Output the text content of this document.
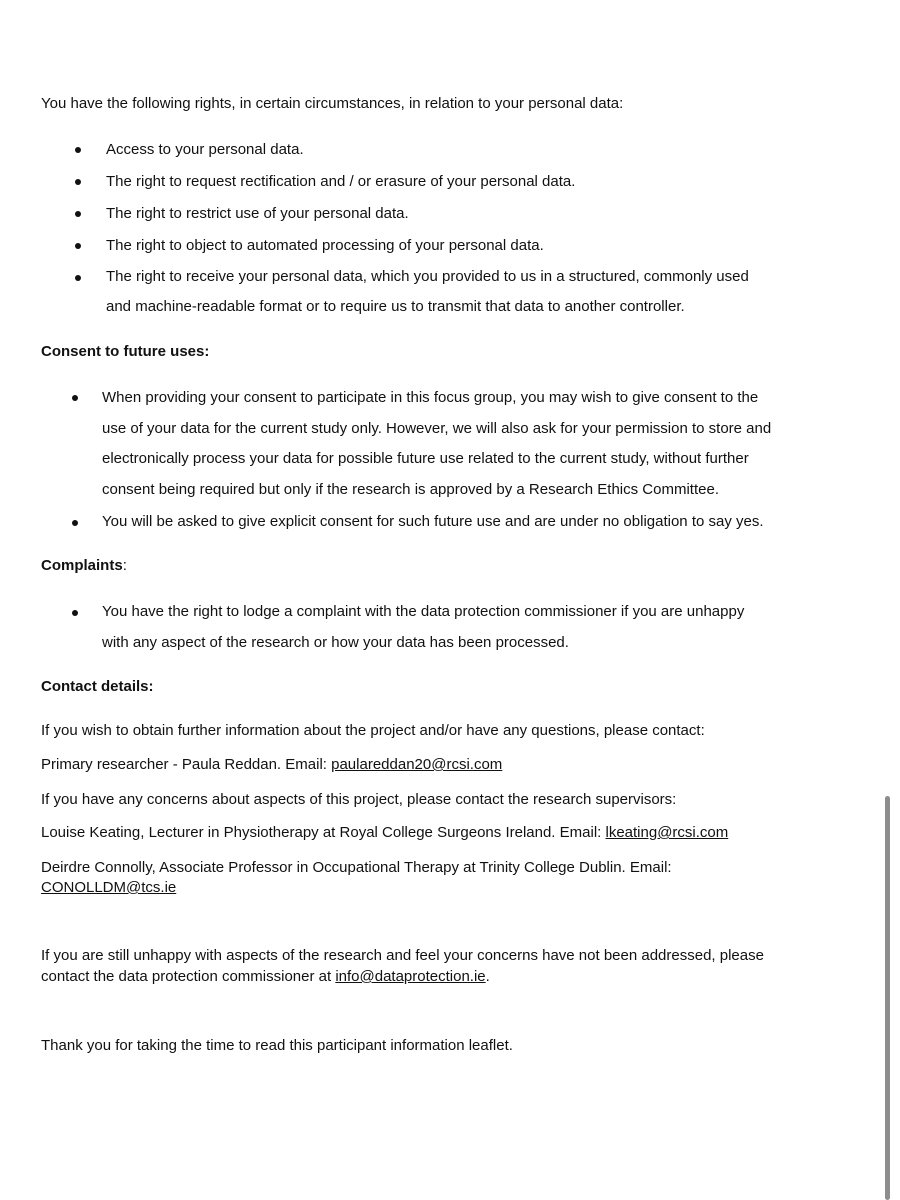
You have the following rights, in certain circumstances, in relation to your personal data:
Access to your personal data.
The right to request rectification and / or erasure of your personal data.
The right to restrict use of your personal data.
The right to object to automated processing of your personal data.
The right to receive your personal data, which you provided to us in a structured, commonly used
and machine-readable format or to require us to transmit that data to another controller.
Consent to future uses:
When providing your consent to participate in this focus group, you may wish to give consent to the
use of your data for the current study only. However, we will also ask for your permission to store and
electronically process your data for possible future use related to the current study, without further
consent being required but only if the research is approved by a Research Ethics Committee.
You will be asked to give explicit consent for such future use and are under no obligation to say yes.
Complaints:
You have the right to lodge a complaint with the data protection commissioner if you are unhappy
with any aspect of the research or how your data has been processed.
Contact details:
If you wish to obtain further information about the project and/or have any questions, please contact:
Primary researcher - Paula Reddan. Email: paulareddan20@rcsi.com
If you have any concerns about aspects of this project, please contact the research supervisors:
Louise Keating, Lecturer in Physiotherapy at Royal College Surgeons Ireland. Email: lkeating@rcsi.com
Deirdre Connolly, Associate Professor in Occupational Therapy at Trinity College Dublin. Email:
CONOLLDM@tcs.ie
If you are still unhappy with aspects of the research and feel your concerns have not been addressed, please
contact the data protection commissioner at info@dataprotection.ie.
Thank you for taking the time to read this participant information leaflet.
